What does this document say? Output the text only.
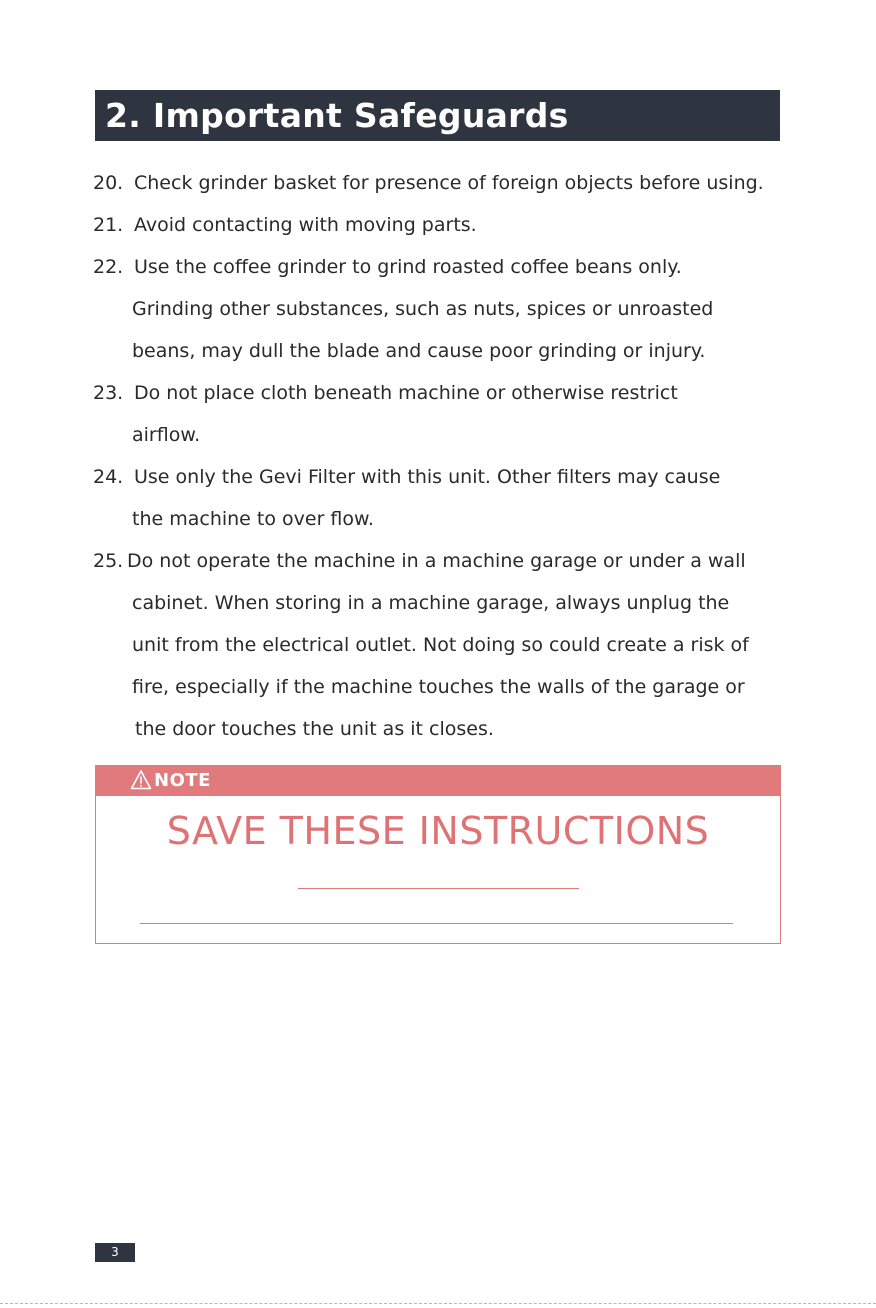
2. Important Safeguards
20. Check grinder basket for presence of foreign objects before using.
21. Avoid contacting with moving parts.
22. Use the coffee grinder to grind roasted coffee beans only.
Grinding other substances, such as nuts, spices or unroasted
beans, may dull the blade and cause poor grinding or injury.
23. Do not place cloth beneath machine or otherwise restrict
airflow.
24. Use only the Gevi Filter with this unit. Other filters may cause
the machine to over flow.
25. Do not operate the machine in a machine garage or under a wall
cabinet. When storing in a machine garage, always unplug the
unit from the electrical outlet. Not doing so could create a risk of
fire, especially if the machine touches the walls of the garage or
the door touches the unit as it closes.
NOTE
SAVE THESE INSTRUCTIONS
3
